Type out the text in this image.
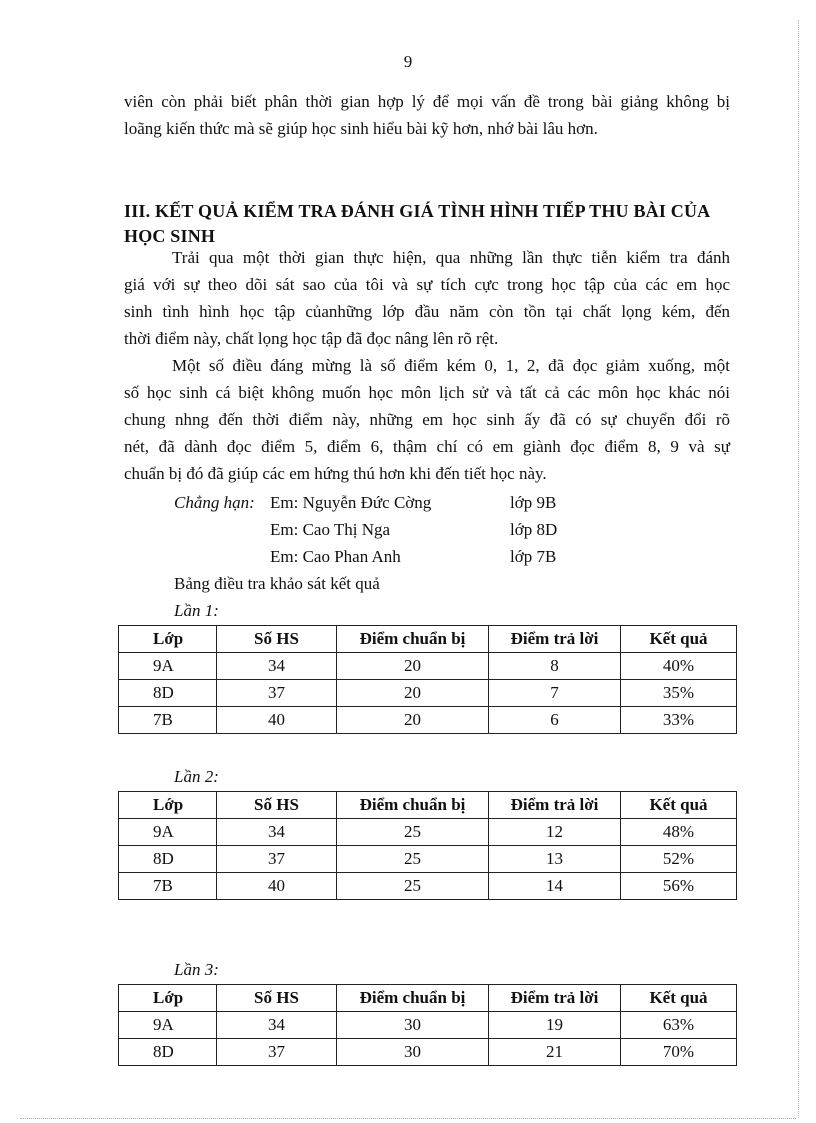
9
viên còn phải biết phân thời gian hợp lý để mọi vấn đề trong bài giảng không bị
loãng kiến thức mà sẽ giúp học sinh hiểu bài kỹ hơn, nhớ bài lâu hơn.
III. KẾT QUẢ KIỂM TRA ĐÁNH GIÁ TÌNH HÌNH TIẾP THU BÀI CỦA
HỌC SINH
Trải qua một thời gian thực hiện, qua những lần thực tiễn kiểm tra đánh
giá với sự theo dõi sát sao của tôi và sự tích cực trong học tập của các em học
sinh tình hình học tập củanhững lớp đầu năm còn tồn tại chất lọng kém, đến
thời điểm này, chất lọng học tập đã đọc nâng lên rõ rệt.
Một số điều đáng mừng là số điểm kém 0, 1, 2, đã đọc giảm xuống, một
số học sinh cá biệt không muốn học môn lịch sử và tất cả các môn học khác nói
chung nhng đến thời điểm này, những em học sinh ấy đã có sự chuyển đổi rõ
nét, đã dành đọc điểm 5, điểm 6, thậm chí có em giành đọc điểm 8, 9 và sự
chuẩn bị đó đã giúp các em hứng thú hơn khi đến tiết học này.
Chẳng hạn: Em: Nguyễn Đức Cờng	lớp 9B
Em: Cao Thị Nga	lớp 8D
Em: Cao Phan Anh	lớp 7B
Bảng điều tra khảo sát kết quả
Lần 1:
Lớp	Số HS	Điểm chuẩn bị	Điểm trả lời	Kết quả
9A	34	20	8	40%
8D	37	20	7	35%
7B	40	20	6	33%
Lần 2:
Lớp	Số HS	Điểm chuẩn bị	Điểm trả lời	Kết quả
9A	34	25	12	48%
8D	37	25	13	52%
7B	40	25	14	56%
Lần 3:
Lớp	Số HS	Điểm chuẩn bị	Điểm trả lời	Kết quả
9A	34	30	19	63%
8D	37	30	21	70%
